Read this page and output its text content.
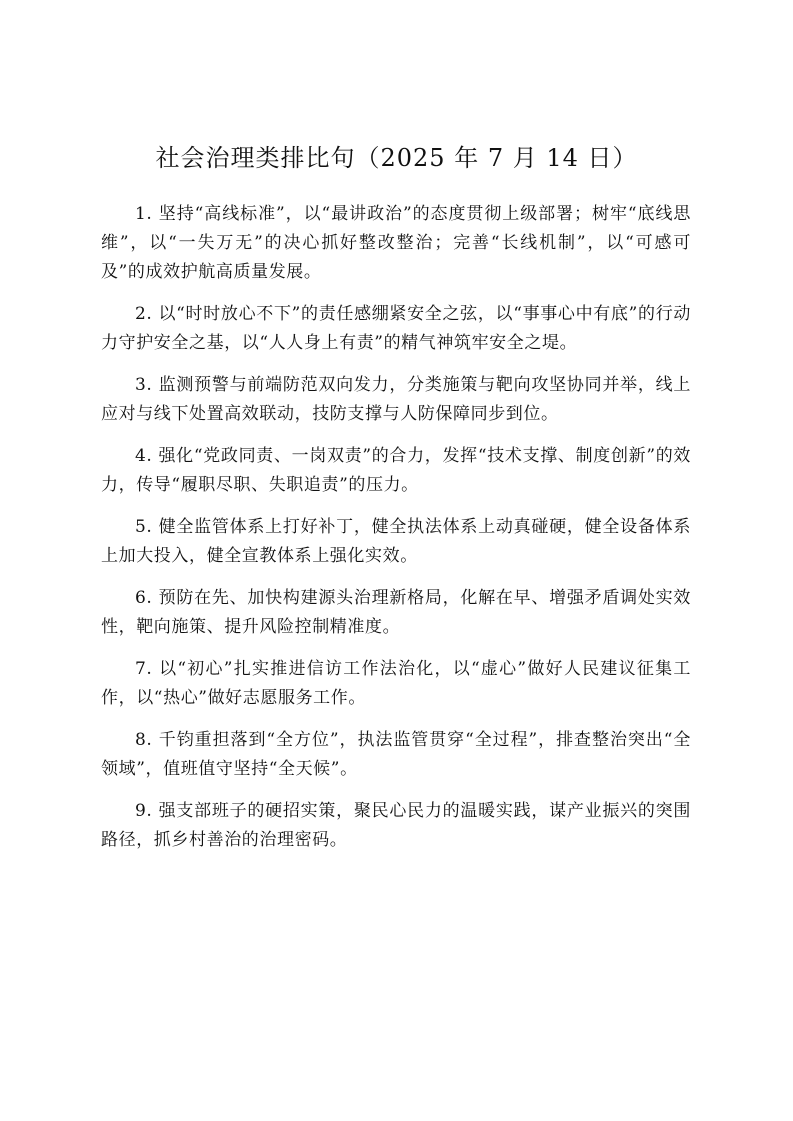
社会治理类排比句（2025 年 7 月 14 日）

1. 坚持“高线标准”，以“最讲政治”的态度贯彻上级部署；树牢“底线思维”，以“一失万无”的决心抓好整改整治；完善“长线机制”，以“可感可及”的成效护航高质量发展。

2. 以“时时放心不下”的责任感绷紧安全之弦，以“事事心中有底”的行动力守护安全之基，以“人人身上有责”的精气神筑牢安全之堤。

3. 监测预警与前端防范双向发力，分类施策与靶向攻坚协同并举，线上应对与线下处置高效联动，技防支撑与人防保障同步到位。

4. 强化“党政同责、一岗双责”的合力，发挥“技术支撑、制度创新”的效力，传导“履职尽职、失职追责”的压力。

5. 健全监管体系上打好补丁，健全执法体系上动真碰硬，健全设备体系上加大投入，健全宣教体系上强化实效。

6. 预防在先、加快构建源头治理新格局，化解在早、增强矛盾调处实效性，靶向施策、提升风险控制精准度。

7. 以“初心”扎实推进信访工作法治化，以“虚心”做好人民建议征集工作，以“热心”做好志愿服务工作。

8. 千钧重担落到“全方位”，执法监管贯穿“全过程”，排查整治突出“全领域”，值班值守坚持“全天候”。

9. 强支部班子的硬招实策，聚民心民力的温暖实践，谋产业振兴的突围路径，抓乡村善治的治理密码。
